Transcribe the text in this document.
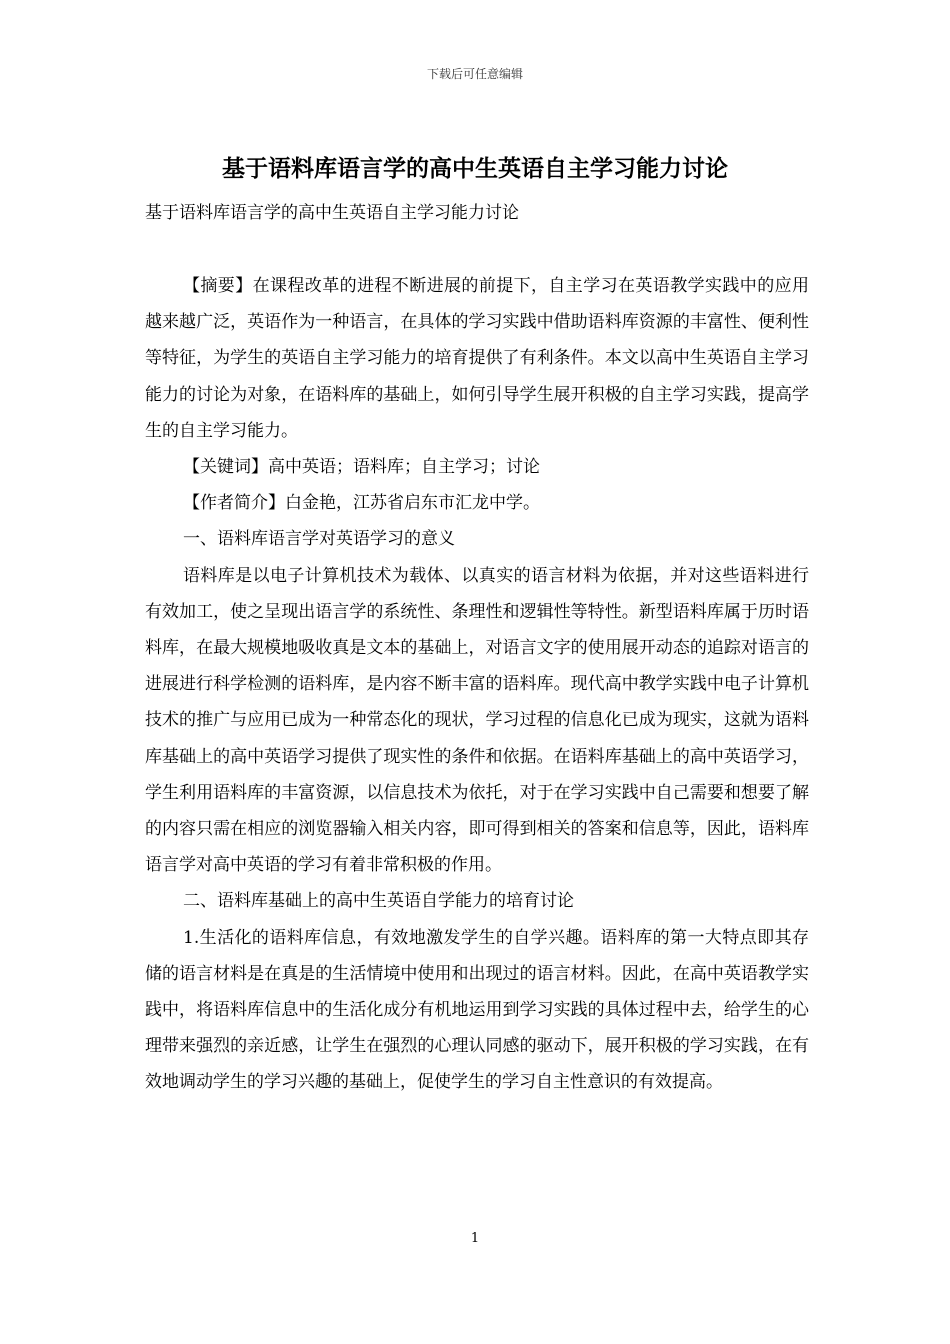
下载后可任意编辑
基于语料库语言学的高中生英语自主学习能力讨论

基于语料库语言学的高中生英语自主学习能力讨论

【摘要】在课程改革的进程不断进展的前提下，自主学习在英语教学实践中的应用越来越广泛，英语作为一种语言，在具体的学习实践中借助语料库资源的丰富性、便利性等特征，为学生的英语自主学习能力的培育提供了有利条件。本文以高中生英语自主学习能力的讨论为对象，在语料库的基础上，如何引导学生展开积极的自主学习实践，提高学生的自主学习能力。

【关键词】高中英语；语料库；自主学习；讨论

【作者简介】白金艳，江苏省启东市汇龙中学。

一、语料库语言学对英语学习的意义

语料库是以电子计算机技术为载体、以真实的语言材料为依据，并对这些语料进行有效加工，使之呈现出语言学的系统性、条理性和逻辑性等特性。新型语料库属于历时语料库，在最大规模地吸收真是文本的基础上，对语言文字的使用展开动态的追踪对语言的进展进行科学检测的语料库，是内容不断丰富的语料库。现代高中教学实践中电子计算机技术的推广与应用已成为一种常态化的现状，学习过程的信息化已成为现实，这就为语料库基础上的高中英语学习提供了现实性的条件和依据。在语料库基础上的高中英语学习，学生利用语料库的丰富资源，以信息技术为依托，对于在学习实践中自己需要和想要了解的内容只需在相应的浏览器输入相关内容，即可得到相关的答案和信息等，因此，语料库语言学对高中英语的学习有着非常积极的作用。

二、语料库基础上的高中生英语自学能力的培育讨论

1.生活化的语料库信息，有效地激发学生的自学兴趣。语料库的第一大特点即其存储的语言材料是在真是的生活情境中使用和出现过的语言材料。因此，在高中英语教学实践中，将语料库信息中的生活化成分有机地运用到学习实践的具体过程中去，给学生的心理带来强烈的亲近感，让学生在强烈的心理认同感的驱动下，展开积极的学习实践，在有效地调动学生的学习兴趣的基础上，促使学生的学习自主性意识的有效提高。

1
